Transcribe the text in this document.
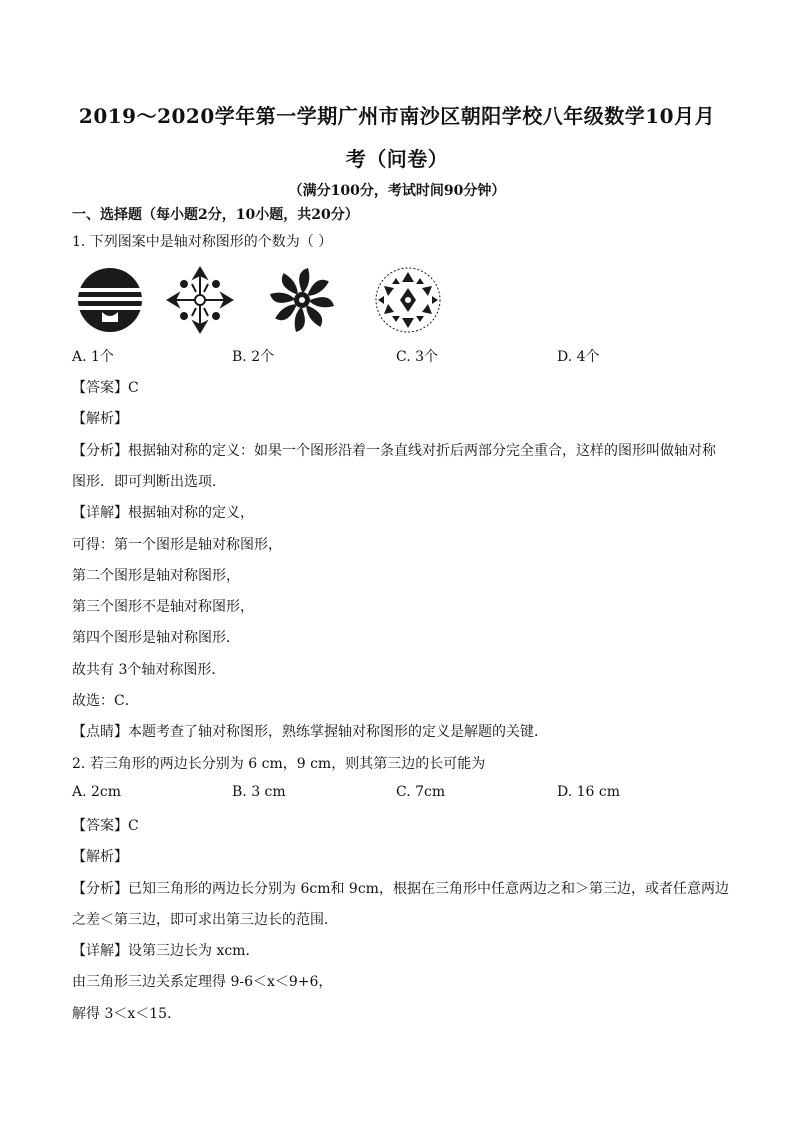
2019～2020学年第一学期广州市南沙区朝阳学校八年级数学10月月
考（问卷）
（满分100分，考试时间90分钟）
一、选择题（每小题2分，10小题，共20分）
1. 下列图案中是轴对称图形的个数为（ ）
A. 1个	B. 2个	C. 3个	D. 4个
【答案】C
【解析】
【分析】根据轴对称的定义：如果一个图形沿着一条直线对折后两部分完全重合，这样的图形叫做轴对称
图形．即可判断出选项．
【详解】根据轴对称的定义，
可得：第一个图形是轴对称图形，
第二个图形是轴对称图形，
第三个图形不是轴对称图形，
第四个图形是轴对称图形．
故共有 3个轴对称图形．
故选：C．
【点睛】本题考查了轴对称图形，熟练掌握轴对称图形的定义是解题的关键．
2. 若三角形的两边长分别为 6 cm，9 cm，则其第三边的长可能为
A. 2cm	B. 3 cm	C. 7cm	D. 16 cm
【答案】C
【解析】
【分析】已知三角形的两边长分别为 6cm和 9cm，根据在三角形中任意两边之和＞第三边，或者任意两边
之差＜第三边，即可求出第三边长的范围．
【详解】设第三边长为 xcm．
由三角形三边关系定理得 9-6＜x＜9+6，
解得 3＜x＜15．
